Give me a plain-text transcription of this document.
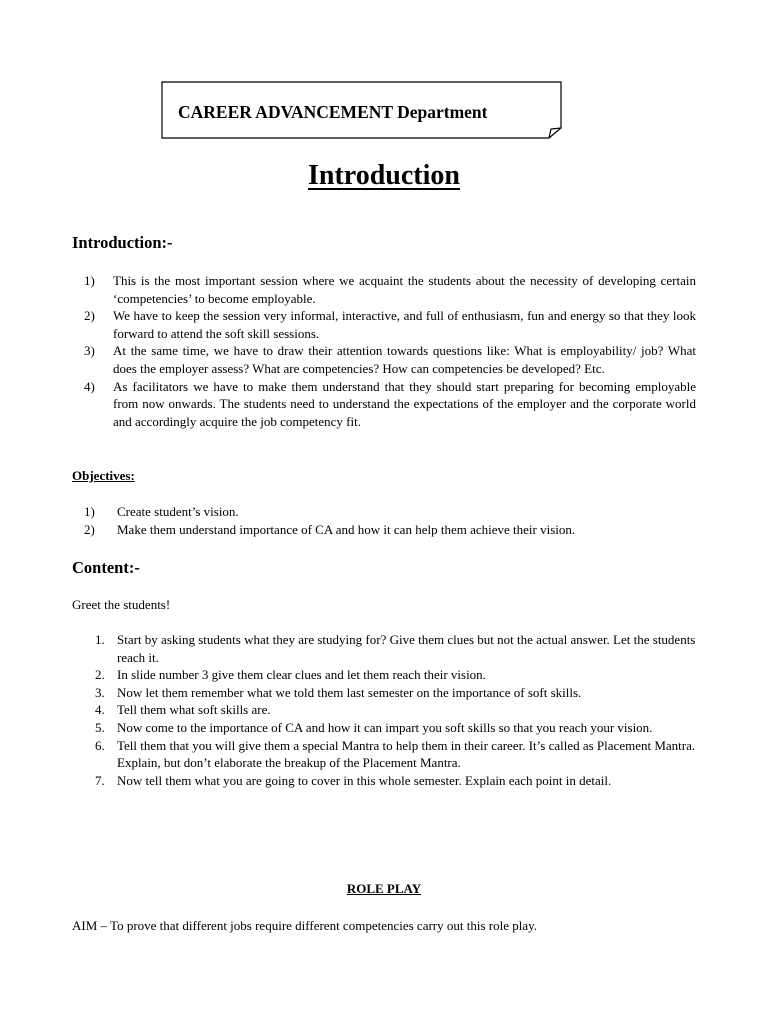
CAREER ADVANCEMENT Department
Introduction
Introduction:-
1) This is the most important session where we acquaint the students about the necessity of developing certain ‘competencies’ to become employable.
2) We have to keep the session very informal, interactive, and full of enthusiasm, fun and energy so that they look forward to attend the soft skill sessions.
3) At the same time, we have to draw their attention towards questions like: What is employability/ job? What does the employer assess? What are competencies? How can competencies be developed? Etc.
4) As facilitators we have to make them understand that they should start preparing for becoming employable from now onwards. The students need to understand the expectations of the employer and the corporate world and accordingly acquire the job competency fit.
Objectives:
1) Create student’s vision.
2) Make them understand importance of CA and how it can help them achieve their vision.
Content:-
Greet the students!
1. Start by asking students what they are studying for? Give them clues but not the actual answer. Let the students reach it.
2. In slide number 3 give them clear clues and let them reach their vision.
3. Now let them remember what we told them last semester on the importance of soft skills.
4. Tell them what soft skills are.
5. Now come to the importance of CA and how it can impart you soft skills so that you reach your vision.
6. Tell them that you will give them a special Mantra to help them in their career. It’s called as Placement Mantra. Explain, but don’t elaborate the breakup of the Placement Mantra.
7. Now tell them what you are going to cover in this whole semester. Explain each point in detail.
ROLE PLAY
AIM – To prove that different jobs require different competencies carry out this role play.
